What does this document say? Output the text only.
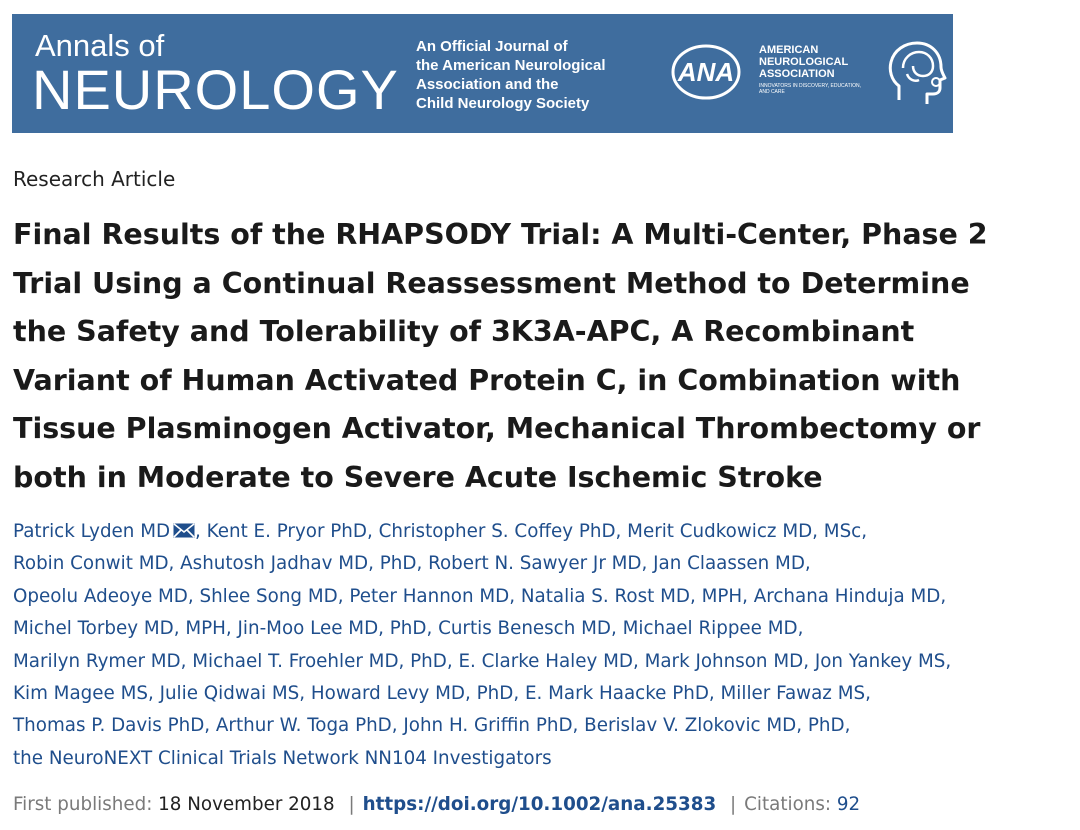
Annals of
NEUROLOGY
An Official Journal of
the American Neurological
Association and the
Child Neurology Society
ANA
AMERICAN
NEUROLOGICAL
ASSOCIATION
INNOVATORS IN DISCOVERY, EDUCATION, AND CARE
Research Article
Final Results of the RHAPSODY Trial: A Multi-Center, Phase 2
Trial Using a Continual Reassessment Method to Determine
the Safety and Tolerability of 3K3A-APC, A Recombinant
Variant of Human Activated Protein C, in Combination with
Tissue Plasminogen Activator, Mechanical Thrombectomy or
both in Moderate to Severe Acute Ischemic Stroke
Patrick Lyden MD , Kent E. Pryor PhD, Christopher S. Coffey PhD, Merit Cudkowicz MD, MSc,
Robin Conwit MD, Ashutosh Jadhav MD, PhD, Robert N. Sawyer Jr MD, Jan Claassen MD,
Opeolu Adeoye MD, Shlee Song MD, Peter Hannon MD, Natalia S. Rost MD, MPH, Archana Hinduja MD,
Michel Torbey MD, MPH, Jin-Moo Lee MD, PhD, Curtis Benesch MD, Michael Rippee MD,
Marilyn Rymer MD, Michael T. Froehler MD, PhD, E. Clarke Haley MD, Mark Johnson MD, Jon Yankey MS,
Kim Magee MS, Julie Qidwai MS, Howard Levy MD, PhD, E. Mark Haacke PhD, Miller Fawaz MS,
Thomas P. Davis PhD, Arthur W. Toga PhD, John H. Griffin PhD, Berislav V. Zlokovic MD, PhD,
the NeuroNEXT Clinical Trials Network NN104 Investigators
First published: 18 November 2018 | https://doi.org/10.1002/ana.25383 | Citations: 92
